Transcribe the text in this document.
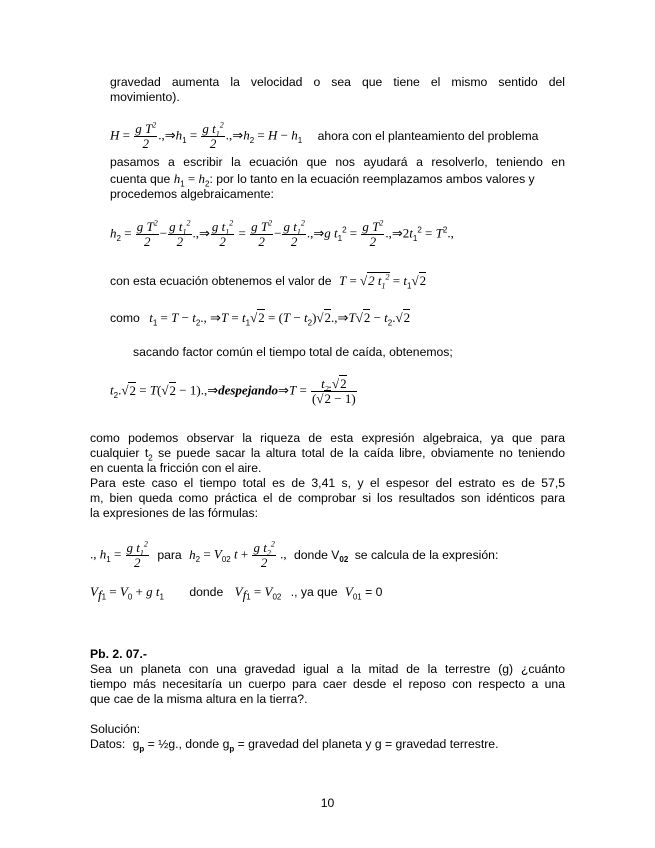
gravedad aumenta la velocidad o sea que tiene el mismo sentido del
movimiento).
$H = \frac{g T^2}{2}$ $.,\Rightarrow h_1 = \frac{g t_1^2}{2}$ $.,\Rightarrow h_2 = H - h_1$ ahora con el planteamiento del problema
pasamos a escribir la ecuación que nos ayudará a resolverlo, teniendo en
cuenta que $h_1 = h_2$: por lo tanto en la ecuación reemplazamos ambos valores y
procedemos algebraicamente:
$h_2 = \frac{g T^2}{2} - \frac{g t_1^2}{2}$ .,⇒ $\frac{g t_1^2}{2} = \frac{g T^2}{2} - \frac{g t_1^2}{2}$ .,⇒g $t_1^2 = \frac{g T^2}{2}$ $.,\Rightarrow 2t_1^2 = T^2$.,
con esta ecuación obtenemos el valor de T = √2 $t_1^2 = t_1√2$
como $t_1 = T - t_2$., ⇒T = $t_1√2 = (T$ − $t_2)√2.,\Rightarrow T√2 - t_2.√2$
sacando factor común el tiempo total de caída, obtenemos;
$t_2.√2 = T(√2$ − 1).,⇒despejando⇒T = $\frac{t_2.√2}{(√2 - 1)}$
como podemos observar la riqueza de esta expresión algebraica, ya que para
cualquier $t_2$ se puede sacar la altura total de la caída libre, obviamente no teniendo
en cuenta la fricción con el aire.
Para este caso el tiempo total es de 3,41 s, y el espesor del estrato es de 57,5
m, bien queda como práctica el de comprobar si los resultados son idénticos para
la expresiones de las fórmulas:
., $h_1 = \frac{g t_1^2}{2}$ para $h_2 = V_{02}$ $t + \frac{g t_2^2}{2}$ ., donde $V_{02}$ se calcula de la expresión:
$V_{f1} = V_0 + g$ $t_1$ donde $V_{f1} = V_{02}$ ., ya que $V_{01} = 0$
Pb. 2. 07.-
Sea un planeta con una gravedad igual a la mitad de la terrestre (g) ¿cuánto
tiempo más necesitaría un cuerpo para caer desde el reposo con respecto a una
que cae de la misma altura en la tierra?.
Solución:
Datos: $g_p$ = ½g., donde $g_p$ = gravedad del planeta y g = gravedad terrestre.
10
